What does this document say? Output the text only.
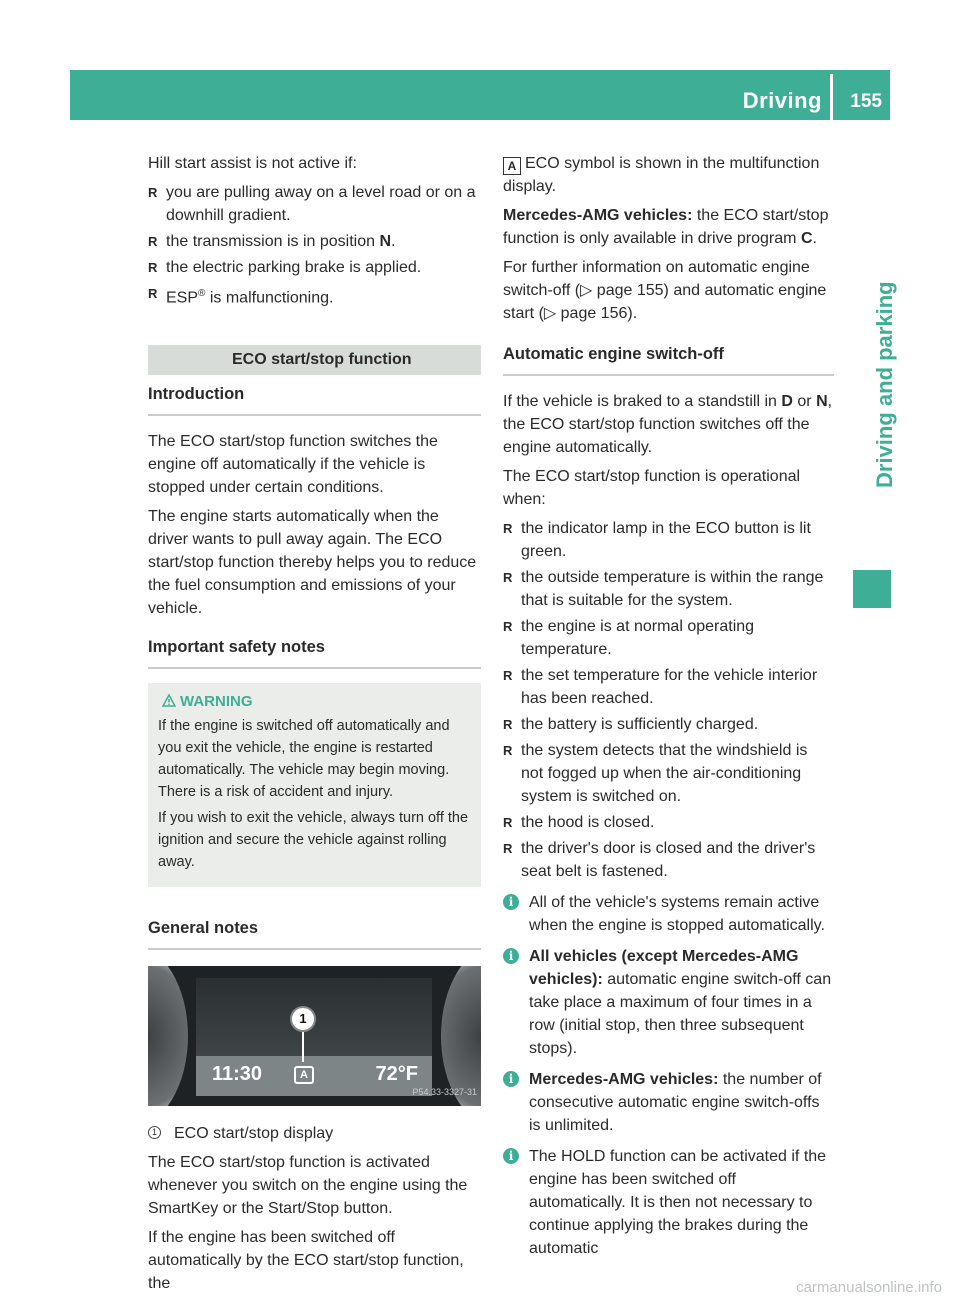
Driving 155
Driving and parking

Hill start assist is not active if:

R you are pulling away on a level road or on a downhill gradient.
R the transmission is in position N.
R the electric parking brake is applied.
R ESP® is malfunctioning.
ECO start/stop function
Introduction

The ECO start/stop function switches the engine off automatically if the vehicle is stopped under certain conditions.

The engine starts automatically when the driver wants to pull away again. The ECO start/stop function thereby helps you to reduce the fuel consumption and emissions of your vehicle.

Important safety notes
WARNING

If the engine is switched off automatically and you exit the vehicle, the engine is restarted automatically. The vehicle may begin moving. There is a risk of accident and injury.

If you wish to exit the vehicle, always turn off the ignition and secure the vehicle against rolling away.

General notes
11:30	A	72°F
1
P54.33-3327-31
1 ECO start/stop display

The ECO start/stop function is activated whenever you switch on the engine using the SmartKey or the Start/Stop button.

If the engine has been switched off automatically by the ECO start/stop function, the

A ECO symbol is shown in the multifunction display.

Mercedes-AMG vehicles: the ECO start/stop function is only available in drive program C.

For further information on automatic engine switch-off (▷ page 155) and automatic engine start (▷ page 156).

Automatic engine switch-off

If the vehicle is braked to a standstill in D or N, the ECO start/stop function switches off the engine automatically.

The ECO start/stop function is operational when:

R the indicator lamp in the ECO button is lit green.
R the outside temperature is within the range that is suitable for the system.
R the engine is at normal operating temperature.
R the set temperature for the vehicle interior has been reached.
R the battery is sufficiently charged.
R the system detects that the windshield is not fogged up when the air-conditioning system is switched on.
R the hood is closed.
R the driver's door is closed and the driver's seat belt is fastened.
i All of the vehicle's systems remain active when the engine is stopped automatically.
i All vehicles (except Mercedes-AMG vehicles): automatic engine switch-off can take place a maximum of four times in a row (initial stop, then three subsequent stops).
i Mercedes-AMG vehicles: the number of consecutive automatic engine switch-offs is unlimited.
i The HOLD function can be activated if the engine has been switched off automatically. It is then not necessary to continue applying the brakes during the automatic
carmanualsonline.info
